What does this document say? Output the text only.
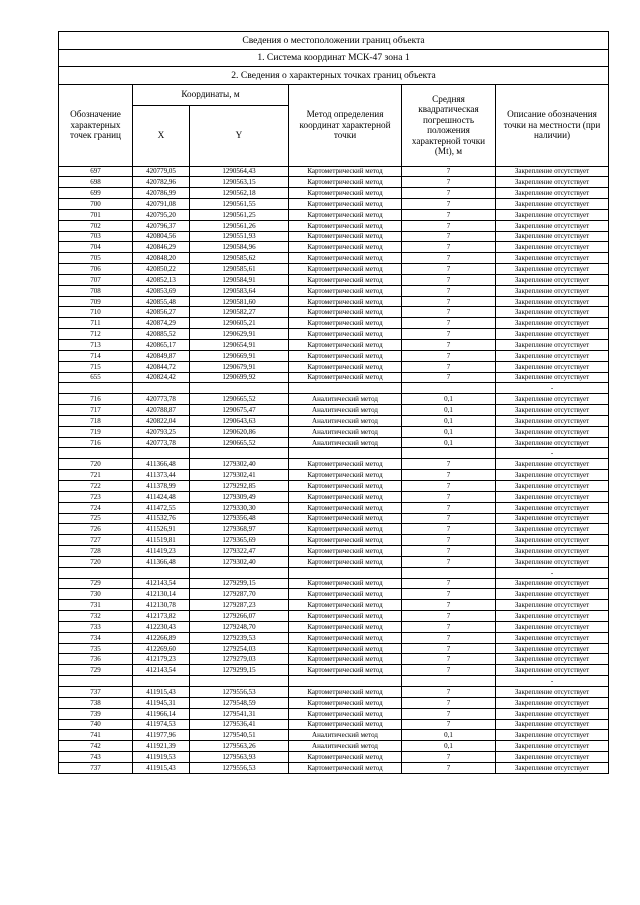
Сведения о местоположении границ объекта					
1. Система координат МСК-47 зона 1					
2. Сведения о характерных точках границ объекта					
Обозначение характерных точек границ	Координаты, м		Метод определения координат характерной точки	Средняя квадратическая погрешность положения характерной точки (Mt), м	Описание обозначения точки на местности (при наличии)
	X	Y			
697	420779,05	1290564,43	Картометрический метод	7	Закрепление отсутствует
698	420782,96	1290563,15	Картометрический метод	7	Закрепление отсутствует
699	420786,99	1290562,18	Картометрический метод	7	Закрепление отсутствует
700	420791,08	1290561,55	Картометрический метод	7	Закрепление отсутствует
701	420795,20	1290561,25	Картометрический метод	7	Закрепление отсутствует
702	420796,37	1290561,26	Картометрический метод	7	Закрепление отсутствует
703	420804,56	1290551,93	Картометрический метод	7	Закрепление отсутствует
704	420846,29	1290584,96	Картометрический метод	7	Закрепление отсутствует
705	420848,20	1290585,62	Картометрический метод	7	Закрепление отсутствует
706	420850,22	1290585,61	Картометрический метод	7	Закрепление отсутствует
707	420852,13	1290584,91	Картометрический метод	7	Закрепление отсутствует
708	420853,69	1290583,64	Картометрический метод	7	Закрепление отсутствует
709	420855,48	1290581,60	Картометрический метод	7	Закрепление отсутствует
710	420856,27	1290582,27	Картометрический метод	7	Закрепление отсутствует
711	420874,29	1290605,21	Картометрический метод	7	Закрепление отсутствует
712	420885,52	1290629,91	Картометрический метод	7	Закрепление отсутствует
713	420865,17	1290654,91	Картометрический метод	7	Закрепление отсутствует
714	420849,87	1290669,91	Картометрический метод	7	Закрепление отсутствует
715	420844,72	1290679,91	Картометрический метод	7	Закрепление отсутствует
655	420824,42	1290699,92	Картометрический метод	7	Закрепление отсутствует
					-
716	420773,78	1290665,52	Аналитический метод	0,1	Закрепление отсутствует
717	420788,87	1290675,47	Аналитический метод	0,1	Закрепление отсутствует
718	420822,04	1290643,63	Аналитический метод	0,1	Закрепление отсутствует
719	420793,25	1290620,86	Аналитический метод	0,1	Закрепление отсутствует
716	420773,78	1290665,52	Аналитический метод	0,1	Закрепление отсутствует
					-
720	411366,48	1279302,40	Картометрический метод	7	Закрепление отсутствует
721	411373,44	1279302,41	Картометрический метод	7	Закрепление отсутствует
722	411378,99	1279292,85	Картометрический метод	7	Закрепление отсутствует
723	411424,48	1279309,49	Картометрический метод	7	Закрепление отсутствует
724	411472,55	1279330,30	Картометрический метод	7	Закрепление отсутствует
725	411532,76	1279356,48	Картометрический метод	7	Закрепление отсутствует
726	411526,91	1279368,97	Картометрический метод	7	Закрепление отсутствует
727	411519,81	1279365,69	Картометрический метод	7	Закрепление отсутствует
728	411419,23	1279322,47	Картометрический метод	7	Закрепление отсутствует
720	411366,48	1279302,40	Картометрический метод	7	Закрепление отсутствует
					-
729	412143,54	1279299,15	Картометрический метод	7	Закрепление отсутствует
730	412130,14	1279287,70	Картометрический метод	7	Закрепление отсутствует
731	412130,78	1279287,23	Картометрический метод	7	Закрепление отсутствует
732	412173,82	1279266,07	Картометрический метод	7	Закрепление отсутствует
733	412230,43	1279248,70	Картометрический метод	7	Закрепление отсутствует
734	412266,89	1279239,53	Картометрический метод	7	Закрепление отсутствует
735	412269,60	1279254,03	Картометрический метод	7	Закрепление отсутствует
736	412179,23	1279279,03	Картометрический метод	7	Закрепление отсутствует
729	412143,54	1279299,15	Картометрический метод	7	Закрепление отсутствует
					-
737	411915,43	1279556,53	Картометрический метод	7	Закрепление отсутствует
738	411945,31	1279548,59	Картометрический метод	7	Закрепление отсутствует
739	411966,14	1279541,31	Картометрический метод	7	Закрепление отсутствует
740	411974,53	1279536,41	Картометрический метод	7	Закрепление отсутствует
741	411977,96	1279540,51	Аналитический метод	0,1	Закрепление отсутствует
742	411921,39	1279563,26	Аналитический метод	0,1	Закрепление отсутствует
743	411919,53	1279563,93	Картометрический метод	7	Закрепление отсутствует
737	411915,43	1279556,53	Картометрический метод	7	Закрепление отсутствует
